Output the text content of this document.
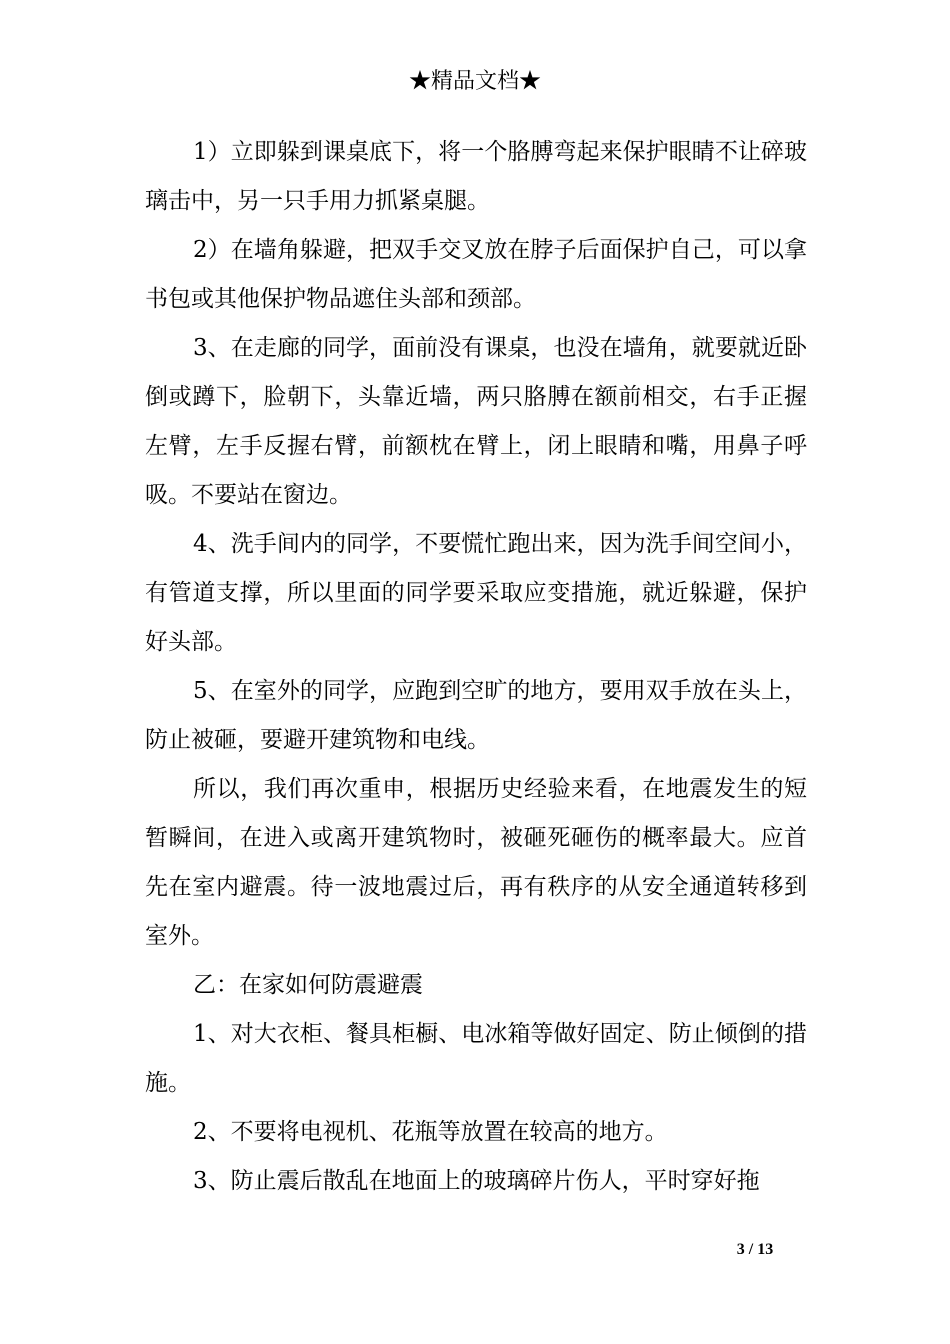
★精品文档★

1）立即躲到课桌底下，将一个胳膊弯起来保护眼睛不让碎玻璃击中，另一只手用力抓紧桌腿。

2）在墙角躲避，把双手交叉放在脖子后面保护自己，可以拿书包或其他保护物品遮住头部和颈部。

3、在走廊的同学，面前没有课桌，也没在墙角，就要就近卧倒或蹲下，脸朝下，头靠近墙，两只胳膊在额前相交，右手正握左臂，左手反握右臂，前额枕在臂上，闭上眼睛和嘴，用鼻子呼吸。不要站在窗边。

4、洗手间内的同学，不要慌忙跑出来，因为洗手间空间小，有管道支撑，所以里面的同学要采取应变措施，就近躲避，保护好头部。

5、在室外的同学，应跑到空旷的地方，要用双手放在头上，防止被砸，要避开建筑物和电线。

所以，我们再次重申，根据历史经验来看，在地震发生的短暂瞬间，在进入或离开建筑物时，被砸死砸伤的概率最大。应首先在室内避震。待一波地震过后，再有秩序的从安全通道转移到室外。

乙：在家如何防震避震

1、对大衣柜、餐具柜橱、电冰箱等做好固定、防止倾倒的措施。

2、不要将电视机、花瓶等放置在较高的地方。

3、防止震后散乱在地面上的玻璃碎片伤人，平时穿好拖

3 / 13
